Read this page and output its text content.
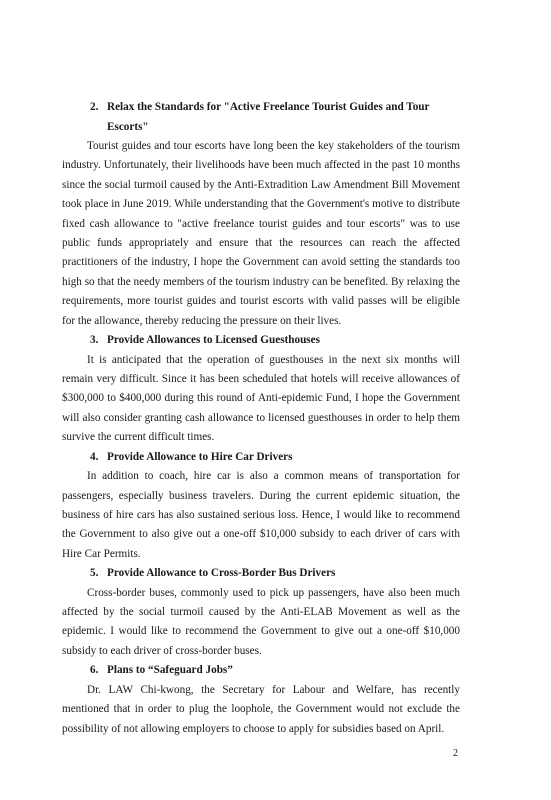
2. Relax the Standards for "Active Freelance Tourist Guides and Tour Escorts"

Tourist guides and tour escorts have long been the key stakeholders of the tourism industry. Unfortunately, their livelihoods have been much affected in the past 10 months since the social turmoil caused by the Anti-Extradition Law Amendment Bill Movement took place in June 2019. While understanding that the Government's motive to distribute fixed cash allowance to "active freelance tourist guides and tour escorts" was to use public funds appropriately and ensure that the resources can reach the affected practitioners of the industry, I hope the Government can avoid setting the standards too high so that the needy members of the tourism industry can be benefited. By relaxing the requirements, more tourist guides and tourist escorts with valid passes will be eligible for the allowance, thereby reducing the pressure on their lives.

3. Provide Allowances to Licensed Guesthouses

It is anticipated that the operation of guesthouses in the next six months will remain very difficult. Since it has been scheduled that hotels will receive allowances of $300,000 to $400,000 during this round of Anti-epidemic Fund, I hope the Government will also consider granting cash allowance to licensed guesthouses in order to help them survive the current difficult times.

4. Provide Allowance to Hire Car Drivers

In addition to coach, hire car is also a common means of transportation for passengers, especially business travelers. During the current epidemic situation, the business of hire cars has also sustained serious loss. Hence, I would like to recommend the Government to also give out a one-off $10,000 subsidy to each driver of cars with Hire Car Permits.

5. Provide Allowance to Cross-Border Bus Drivers

Cross-border buses, commonly used to pick up passengers, have also been much affected by the social turmoil caused by the Anti-ELAB Movement as well as the epidemic. I would like to recommend the Government to give out a one-off $10,000 subsidy to each driver of cross-border buses.

6. Plans to “Safeguard Jobs”

Dr. LAW Chi-kwong, the Secretary for Labour and Welfare, has recently mentioned that in order to plug the loophole, the Government would not exclude the possibility of not allowing employers to choose to apply for subsidies based on April.

2
